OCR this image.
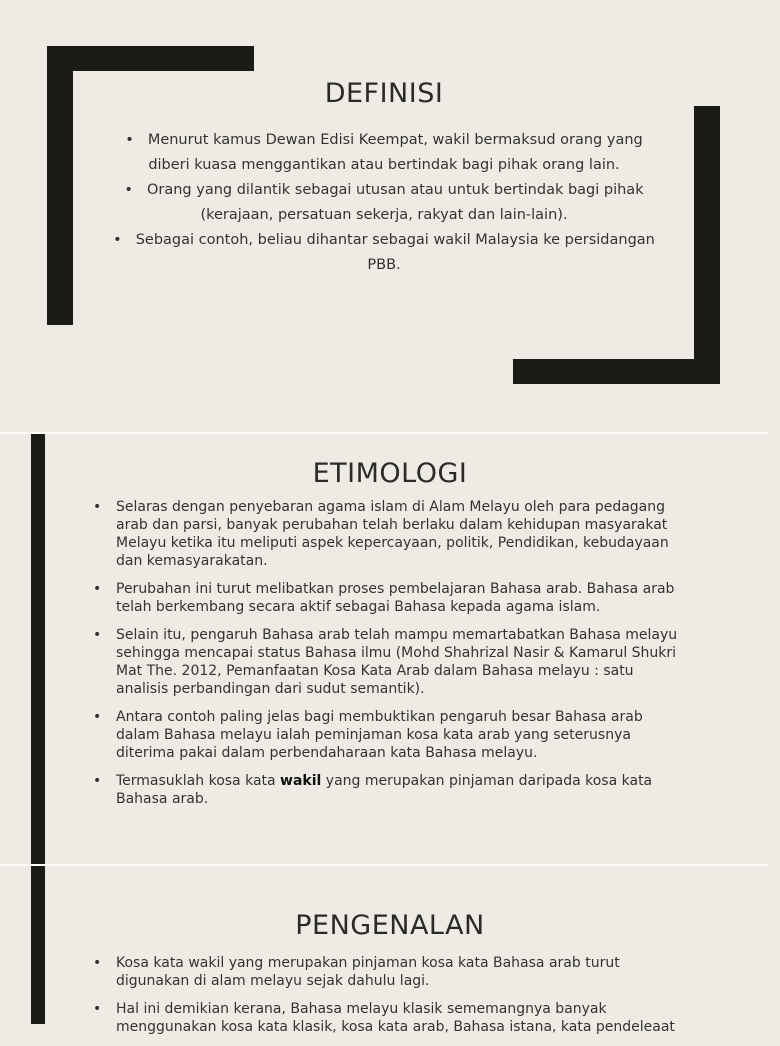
DEFINISI
• Menurut kamus Dewan Edisi Keempat, wakil bermaksud orang yang diberi kuasa menggantikan atau bertindak bagi pihak orang lain.
• Orang yang dilantik sebagai utusan atau untuk bertindak bagi pihak (kerajaan, persatuan sekerja, rakyat dan lain-lain).
• Sebagai contoh, beliau dihantar sebagai wakil Malaysia ke persidangan PBB.
ETIMOLOGI
• Selaras dengan penyebaran agama islam di Alam Melayu oleh para pedagang arab dan parsi, banyak perubahan telah berlaku dalam kehidupan masyarakat Melayu ketika itu meliputi aspek kepercayaan, politik, Pendidikan, kebudayaan dan kemasyarakatan.
• Perubahan ini turut melibatkan proses pembelajaran Bahasa arab. Bahasa arab telah berkembang secara aktif sebagai Bahasa kepada agama islam.
• Selain itu, pengaruh Bahasa arab telah mampu memartabatkan Bahasa melayu sehingga mencapai status Bahasa ilmu (Mohd Shahrizal Nasir & Kamarul Shukri Mat The. 2012, Pemanfaatan Kosa Kata Arab dalam Bahasa melayu : satu analisis perbandingan dari sudut semantik).
• Antara contoh paling jelas bagi membuktikan pengaruh besar Bahasa arab dalam Bahasa melayu ialah peminjaman kosa kata arab yang seterusnya diterima pakai dalam perbendaharaan kata Bahasa melayu.
• Termasuklah kosa kata wakil yang merupakan pinjaman daripada kosa kata Bahasa arab.
PENGENALAN
• Kosa kata wakil yang merupakan pinjaman kosa kata Bahasa arab turut digunakan di alam melayu sejak dahulu lagi.
• Hal ini demikian kerana, Bahasa melayu klasik sememangnya banyak menggunakan kosa kata klasik, kosa kata arab, Bahasa istana, kata pendeleaat
